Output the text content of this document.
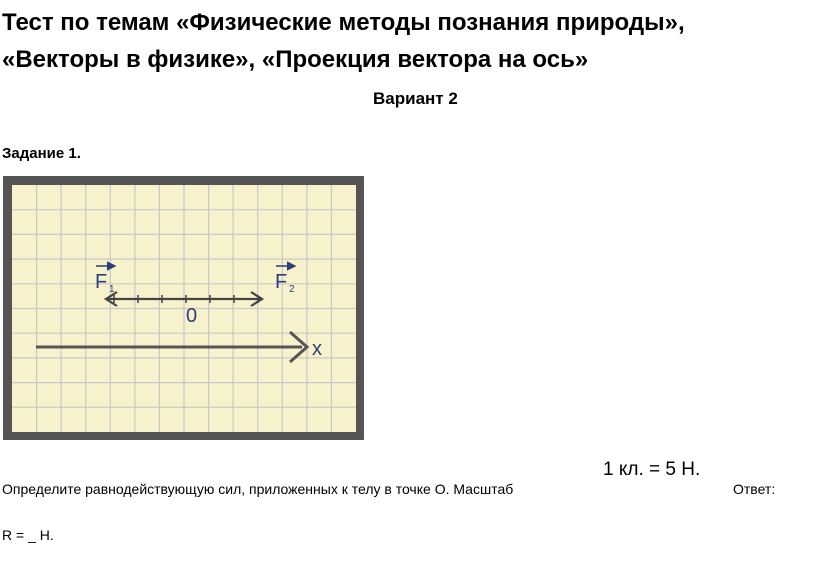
Тест по темам «Физические методы познания природы»,
«Векторы в физике», «Проекция вектора на ось»

Вариант 2

Задание 1.

x
0
F 1	F 2
Определите равнодействующую сил, приложенных к телу в точке О. Масштаб
1 кл. = 5 Н.
Ответ:
R = _ Н.
